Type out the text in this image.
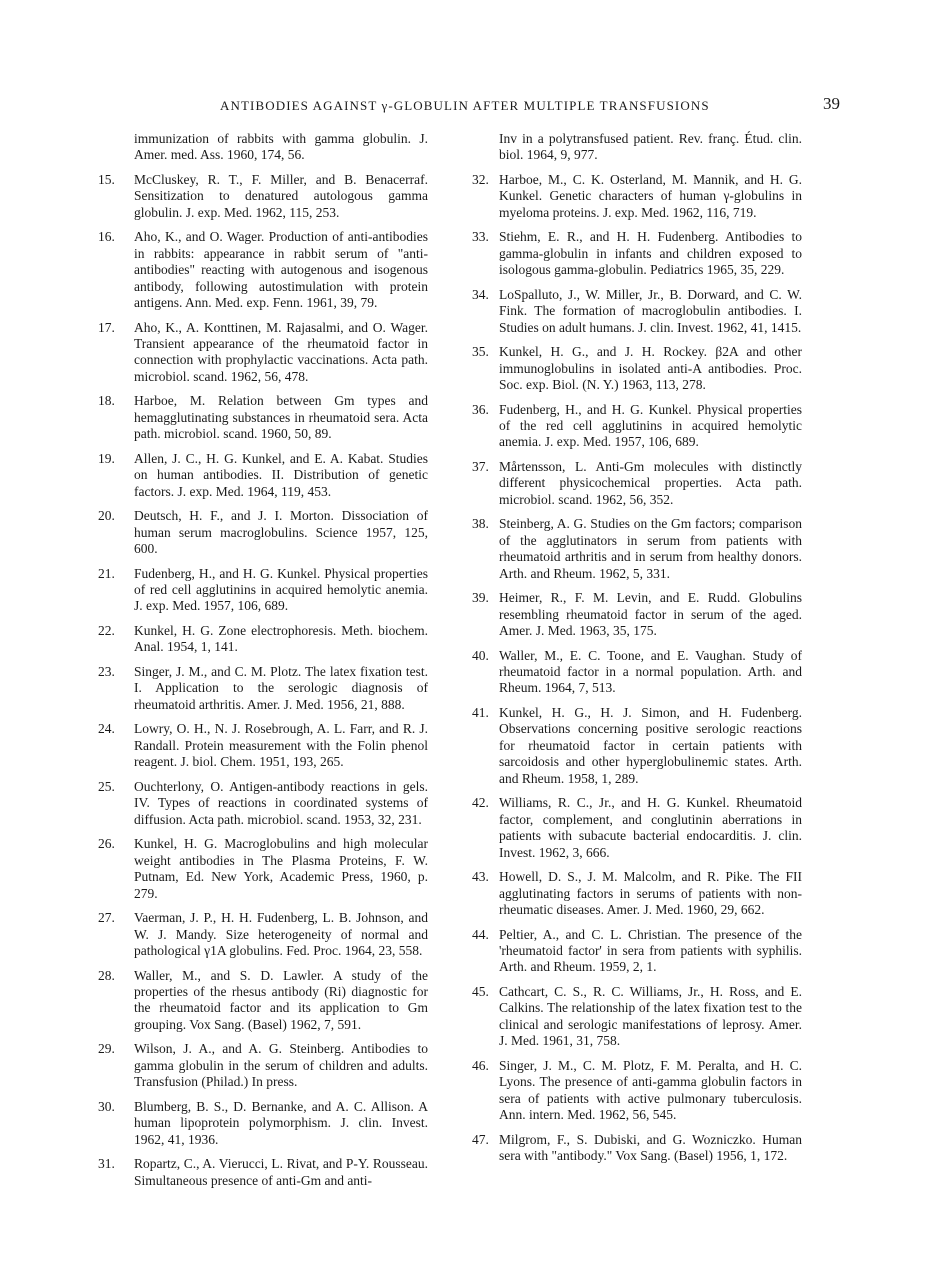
ANTIBODIES AGAINST γ-GLOBULIN AFTER MULTIPLE TRANSFUSIONS	39
immunization of rabbits with gamma globulin. J. Amer. med. Ass. 1960, 174, 56.
15.	McCluskey, R. T., F. Miller, and B. Benacerraf. Sensitization to denatured autologous gamma globulin. J. exp. Med. 1962, 115, 253.
16.	Aho, K., and O. Wager. Production of anti-antibodies in rabbits: appearance in rabbit serum of "anti-antibodies" reacting with autogenous and isogenous antibody, following autostimulation with protein antigens. Ann. Med. exp. Fenn. 1961, 39, 79.
17.	Aho, K., A. Konttinen, M. Rajasalmi, and O. Wager. Transient appearance of the rheumatoid factor in connection with prophylactic vaccinations. Acta path. microbiol. scand. 1962, 56, 478.
18.	Harboe, M. Relation between Gm types and hemagglutinating substances in rheumatoid sera. Acta path. microbiol. scand. 1960, 50, 89.
19.	Allen, J. C., H. G. Kunkel, and E. A. Kabat. Studies on human antibodies. II. Distribution of genetic factors. J. exp. Med. 1964, 119, 453.
20.	Deutsch, H. F., and J. I. Morton. Dissociation of human serum macroglobulins. Science 1957, 125, 600.
21.	Fudenberg, H., and H. G. Kunkel. Physical properties of red cell agglutinins in acquired hemolytic anemia. J. exp. Med. 1957, 106, 689.
22.	Kunkel, H. G. Zone electrophoresis. Meth. biochem. Anal. 1954, 1, 141.
23.	Singer, J. M., and C. M. Plotz. The latex fixation test. I. Application to the serologic diagnosis of rheumatoid arthritis. Amer. J. Med. 1956, 21, 888.
24.	Lowry, O. H., N. J. Rosebrough, A. L. Farr, and R. J. Randall. Protein measurement with the Folin phenol reagent. J. biol. Chem. 1951, 193, 265.
25.	Ouchterlony, O. Antigen-antibody reactions in gels. IV. Types of reactions in coordinated systems of diffusion. Acta path. microbiol. scand. 1953, 32, 231.
26.	Kunkel, H. G. Macroglobulins and high molecular weight antibodies in The Plasma Proteins, F. W. Putnam, Ed. New York, Academic Press, 1960, p. 279.
27.	Vaerman, J. P., H. H. Fudenberg, L. B. Johnson, and W. J. Mandy. Size heterogeneity of normal and pathological γ1A globulins. Fed. Proc. 1964, 23, 558.
28.	Waller, M., and S. D. Lawler. A study of the properties of the rhesus antibody (Ri) diagnostic for the rheumatoid factor and its application to Gm grouping. Vox Sang. (Basel) 1962, 7, 591.
29.	Wilson, J. A., and A. G. Steinberg. Antibodies to gamma globulin in the serum of children and adults. Transfusion (Philad.) In press.
30.	Blumberg, B. S., D. Bernanke, and A. C. Allison. A human lipoprotein polymorphism. J. clin. Invest. 1962, 41, 1936.
31.	Ropartz, C., A. Vierucci, L. Rivat, and P-Y. Rousseau. Simultaneous presence of anti-Gm and anti-
Inv in a polytransfused patient. Rev. franç. Étud. clin. biol. 1964, 9, 977.
32. Harboe, M., C. K. Osterland, M. Mannik, and H. G. Kunkel. Genetic characters of human γ-globulins in myeloma proteins. J. exp. Med. 1962, 116, 719.
33. Stiehm, E. R., and H. H. Fudenberg. Antibodies to gamma-globulin in infants and children exposed to isologous gamma-globulin. Pediatrics 1965, 35, 229.
34. LoSpalluto, J., W. Miller, Jr., B. Dorward, and C. W. Fink. The formation of macroglobulin antibodies. I. Studies on adult humans. J. clin. Invest. 1962, 41, 1415.
35. Kunkel, H. G., and J. H. Rockey. β2A and other immunoglobulins in isolated anti-A antibodies. Proc. Soc. exp. Biol. (N. Y.) 1963, 113, 278.
36. Fudenberg, H., and H. G. Kunkel. Physical properties of the red cell agglutinins in acquired hemolytic anemia. J. exp. Med. 1957, 106, 689.
37. Mårtensson, L. Anti-Gm molecules with distinctly different physicochemical properties. Acta path. microbiol. scand. 1962, 56, 352.
38. Steinberg, A. G. Studies on the Gm factors; comparison of the agglutinators in serum from patients with rheumatoid arthritis and in serum from healthy donors. Arth. and Rheum. 1962, 5, 331.
39. Heimer, R., F. M. Levin, and E. Rudd. Globulins resembling rheumatoid factor in serum of the aged. Amer. J. Med. 1963, 35, 175.
40. Waller, M., E. C. Toone, and E. Vaughan. Study of rheumatoid factor in a normal population. Arth. and Rheum. 1964, 7, 513.
41. Kunkel, H. G., H. J. Simon, and H. Fudenberg. Observations concerning positive serologic reactions for rheumatoid factor in certain patients with sarcoidosis and other hyperglobulinemic states. Arth. and Rheum. 1958, 1, 289.
42. Williams, R. C., Jr., and H. G. Kunkel. Rheumatoid factor, complement, and conglutinin aberrations in patients with subacute bacterial endocarditis. J. clin. Invest. 1962, 3, 666.
43. Howell, D. S., J. M. Malcolm, and R. Pike. The FII agglutinating factors in serums of patients with non-rheumatic diseases. Amer. J. Med. 1960, 29, 662.
44. Peltier, A., and C. L. Christian. The presence of the 'rheumatoid factor' in sera from patients with syphilis. Arth. and Rheum. 1959, 2, 1.
45. Cathcart, C. S., R. C. Williams, Jr., H. Ross, and E. Calkins. The relationship of the latex fixation test to the clinical and serologic manifestations of leprosy. Amer. J. Med. 1961, 31, 758.
46. Singer, J. M., C. M. Plotz, F. M. Peralta, and H. C. Lyons. The presence of anti-gamma globulin factors in sera of patients with active pulmonary tuberculosis. Ann. intern. Med. 1962, 56, 545.
47. Milgrom, F., S. Dubiski, and G. Wozniczko. Human sera with "antibody." Vox Sang. (Basel) 1956, 1, 172.
